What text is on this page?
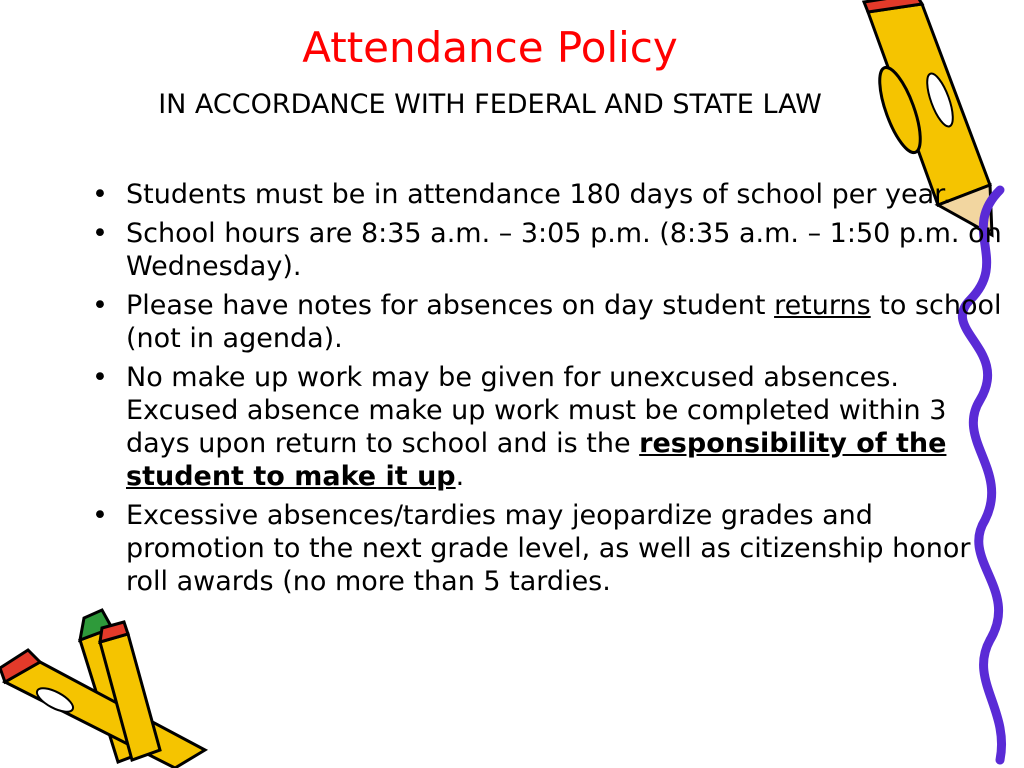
Attendance Policy
IN ACCORDANCE WITH FEDERAL AND STATE LAW
• Students must be in attendance 180 days of school per year.
• School hours are 8:35 a.m. – 3:05 p.m. (8:35 a.m. – 1:50 p.m. on Wednesday).
• Please have notes for absences on day student returns to school (not in agenda).
• No make up work may be given for unexcused absences. Excused absence make up work must be completed within 3 days upon return to school and is the responsibility of the student to make it up.
• Excessive absences/tardies may jeopardize grades and promotion to the next grade level, as well as citizenship honor roll awards (no more than 5 tardies.
